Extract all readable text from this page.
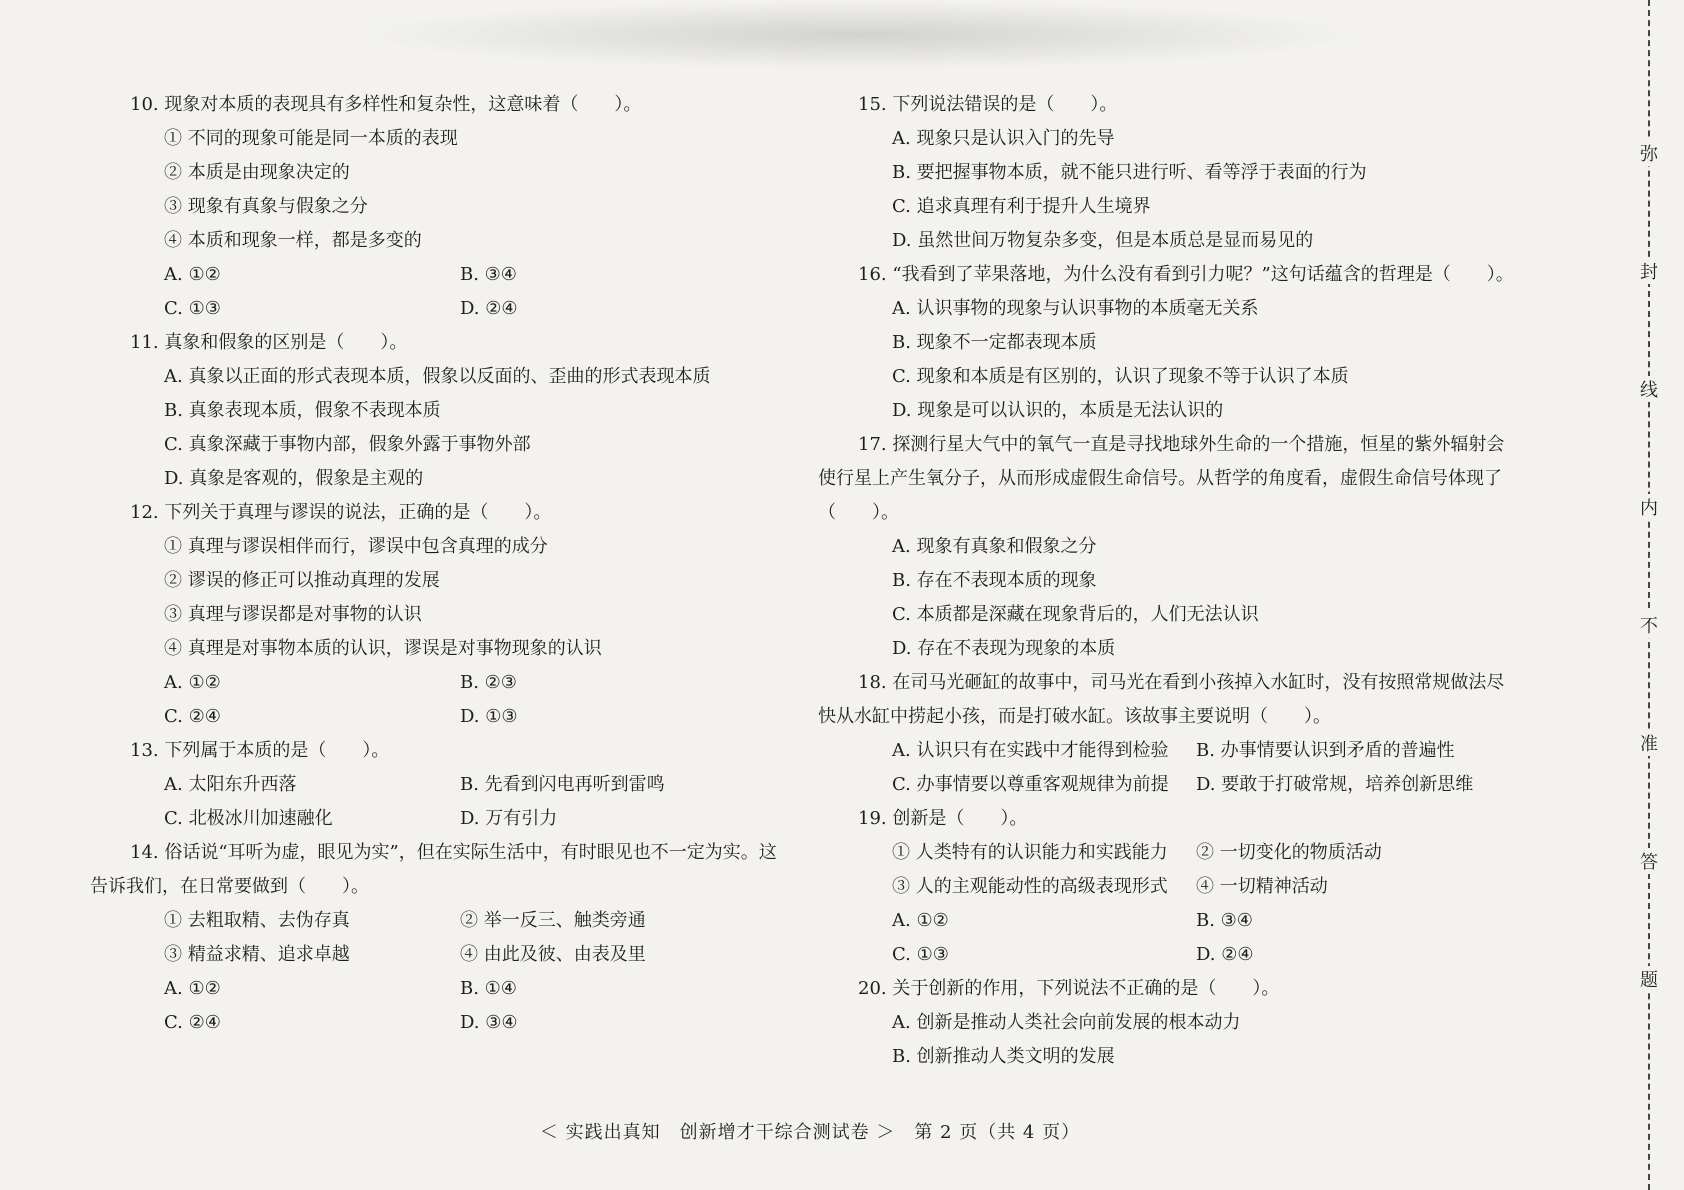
10. 现象对本质的表现具有多样性和复杂性，这意味着（　　）。
① 不同的现象可能是同一本质的表现
② 本质是由现象决定的
③ 现象有真象与假象之分
④ 本质和现象一样，都是多变的
A. ①②	B. ③④
C. ①③	D. ②④
11. 真象和假象的区别是（　　）。
A. 真象以正面的形式表现本质，假象以反面的、歪曲的形式表现本质
B. 真象表现本质，假象不表现本质
C. 真象深藏于事物内部，假象外露于事物外部
D. 真象是客观的，假象是主观的
12. 下列关于真理与谬误的说法，正确的是（　　）。
① 真理与谬误相伴而行，谬误中包含真理的成分
② 谬误的修正可以推动真理的发展
③ 真理与谬误都是对事物的认识
④ 真理是对事物本质的认识，谬误是对事物现象的认识
A. ①②	B. ②③
C. ②④	D. ①③
13. 下列属于本质的是（　　）。
A. 太阳东升西落	B. 先看到闪电再听到雷鸣
C. 北极冰川加速融化	D. 万有引力
14. 俗话说“耳听为虚，眼见为实”，但在实际生活中，有时眼见也不一定为实。这
告诉我们，在日常要做到（　　）。
① 去粗取精、去伪存真	② 举一反三、触类旁通
③ 精益求精、追求卓越	④ 由此及彼、由表及里
A. ①②	B. ①④
C. ②④	D. ③④
15. 下列说法错误的是（　　）。
A. 现象只是认识入门的先导
B. 要把握事物本质，就不能只进行听、看等浮于表面的行为
C. 追求真理有利于提升人生境界
D. 虽然世间万物复杂多变，但是本质总是显而易见的
16. “我看到了苹果落地，为什么没有看到引力呢？”这句话蕴含的哲理是（　　）。
A. 认识事物的现象与认识事物的本质毫无关系
B. 现象不一定都表现本质
C. 现象和本质是有区别的，认识了现象不等于认识了本质
D. 现象是可以认识的，本质是无法认识的
17. 探测行星大气中的氧气一直是寻找地球外生命的一个措施，恒星的紫外辐射会
使行星上产生氧分子，从而形成虚假生命信号。从哲学的角度看，虚假生命信号体现了
（　　）。
A. 现象有真象和假象之分
B. 存在不表现本质的现象
C. 本质都是深藏在现象背后的，人们无法认识
D. 存在不表现为现象的本质
18. 在司马光砸缸的故事中，司马光在看到小孩掉入水缸时，没有按照常规做法尽
快从水缸中捞起小孩，而是打破水缸。该故事主要说明（　　）。
A. 认识只有在实践中才能得到检验 B. 办事情要认识到矛盾的普遍性
C. 办事情要以尊重客观规律为前提 D. 要敢于打破常规，培养创新思维
19. 创新是（　　）。
① 人类特有的认识能力和实践能力 ② 一切变化的物质活动
③ 人的主观能动性的高级表现形式 ④ 一切精神活动
A. ①②	B. ③④
C. ①③	D. ②④
20. 关于创新的作用，下列说法不正确的是（　　）。
A. 创新是推动人类社会向前发展的根本动力
B. 创新推动人类文明的发展
＜ 实践出真知　创新增才干综合测试卷 ＞　第 2 页（共 4 页）
弥
封
线
内
不
准
答
题
